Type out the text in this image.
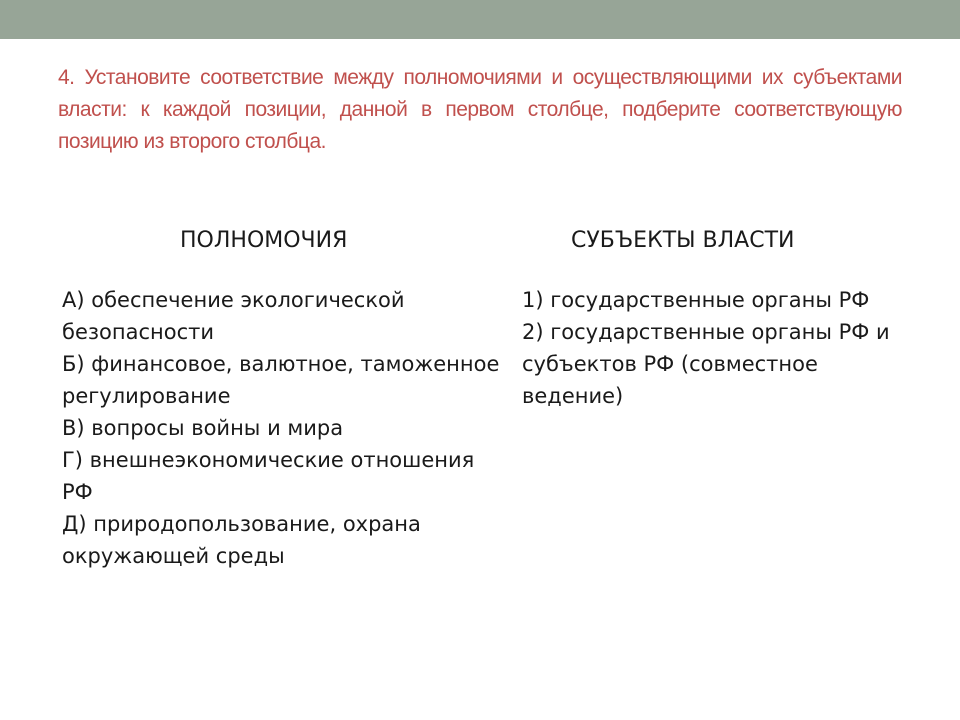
4. Установите соответствие между полномочиями и осуществляющими их субъектами власти: к каждой позиции, данной в первом столбце, подберите соответствующую позицию из второго столбца.

ПОЛНОМОЧИЯ	СУБЪЕКТЫ ВЛАСТИ
А) обеспечение экологической безопасности
Б) финансовое, валютное, таможенное регулирование
В) вопросы войны и мира
Г) внешнеэкономические отношения РФ
Д) природопользование, охрана окружающей среды
1) государственные органы РФ
2) государственные органы РФ и субъектов РФ (совместное ведение)
